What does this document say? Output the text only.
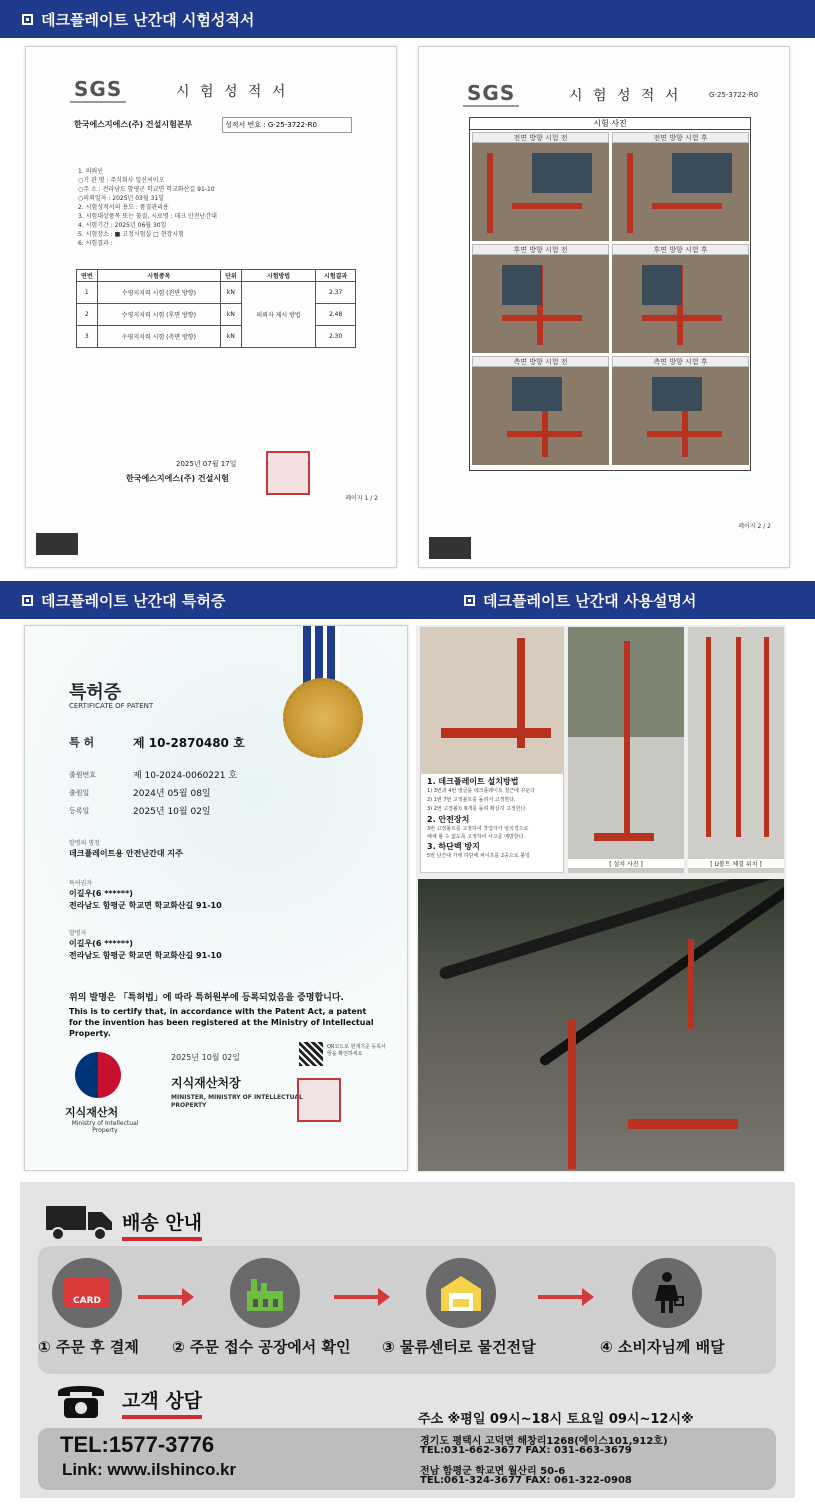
데크플레이트 난간대 시험성적서
SGS	시 험 성 적 서
한국에스지에스(주) 건설시험본부	성적서 번호 : G-25-3722-R0
1. 의뢰인
○기 관 명 : 주식회사 일신씨이오
○주 소 : 전라남도 함평군 학교면 학교화산길 91-10
○의뢰일자 : 2025년 03월 31일
2. 시험성적서의 용도 : 품질관리용
3. 시험대상품목 또는 물질, 시료명 : 데크 안전난간대
4. 시험기간 : 2025년 06월 30일
5. 시험장소 : ■ 고정시험실 □ 현장시험
6. 시험결과 :
연번	시험종목	단위	시험방법	시험결과
1	수평지지력 시험 (전면 방향)	kN	의뢰자 제시 방법	2.37
2	수평지지력 시험 (후면 방향)	kN		2.48
3	수평지지력 시험 (측면 방향)	kN		2.30
2025년 07월 17일
한국에스지에스(주) 건설시험
페이지 1 / 2
SGS	시 험 성 적 서	G-25-3722-R0
시험 사진
전면 방향 시험 전	전면 방향 시험 후
후면 방향 시험 전	후면 방향 시험 후
측면 방향 시험 전	측면 방향 시험 후
페이지 2 / 2
데크플레이트 난간대 특허증	데크플레이트 난간대 사용설명서
특허증
CERTIFICATE OF PATENT
특 허	제 10-2870480 호
출원번호	제 10-2024-0060221 호
출원일	2024년 05월 08일
등록일	2025년 10월 02일
발명의 명칭
데크플레이트용 안전난간대 지주
특허권자
이길우(6 ******)
전라남도 함평군 학교면 학교화산길 91-10
발명자
이길우(6 ******)
전라남도 함평군 학교면 학교화산길 91-10
위의 발명은 「특허법」에 따라 특허원부에 등록되었음을 증명합니다.
This is to certify that, in accordance with the Patent Act, a patent for the invention has been registered at the Ministry of Intellectual Property.
지식재산처
Ministry of Intellectual Property
2025년 10월 02일
QR코드로 현재기준 등록사항을 확인하세요
지식재산처장
MINISTER, MINISTRY OF INTELLECTUAL PROPERTY
1. 데크플레이트 설치방법
1) 3번과 4번 앵글을 데크플레이트 철근에 꾸운다
2) 1번 7번 고정볼트를 돌려서 고정한다.
3) 2번 고정볼트 6개를 돌려 확실히 고정한다.
2. 안전장치
3번 고정볼트를 고정하여 작업자가 임의적으로
해체 할 수 없도록 고정하여 사고를 예방한다.
3. 하단백 방지
5번 난간대 가랭 하단에 파이프를 2중으로 볼링
[ 설치 사진 ]	[ U볼트 체결 위치 ]
배송 안내
CARD
① 주문 후 결제 ② 주문 접수 공장에서 확인 ③ 물류센터로 물건전달	④ 소비자님께 배달
고객 상담
주소 ※평일 09시~18시 토요일 09시~12시※
TEL:1577-3776
Link: www.ilshinco.kr
경기도 평택시 고덕면 해창리1268(에이스101,912호)
TEL:031-662-3677 FAX: 031-663-3679
전남 함평군 학교면 월산리 50-6
TEL:061-324-3677 FAX: 061-322-0908
